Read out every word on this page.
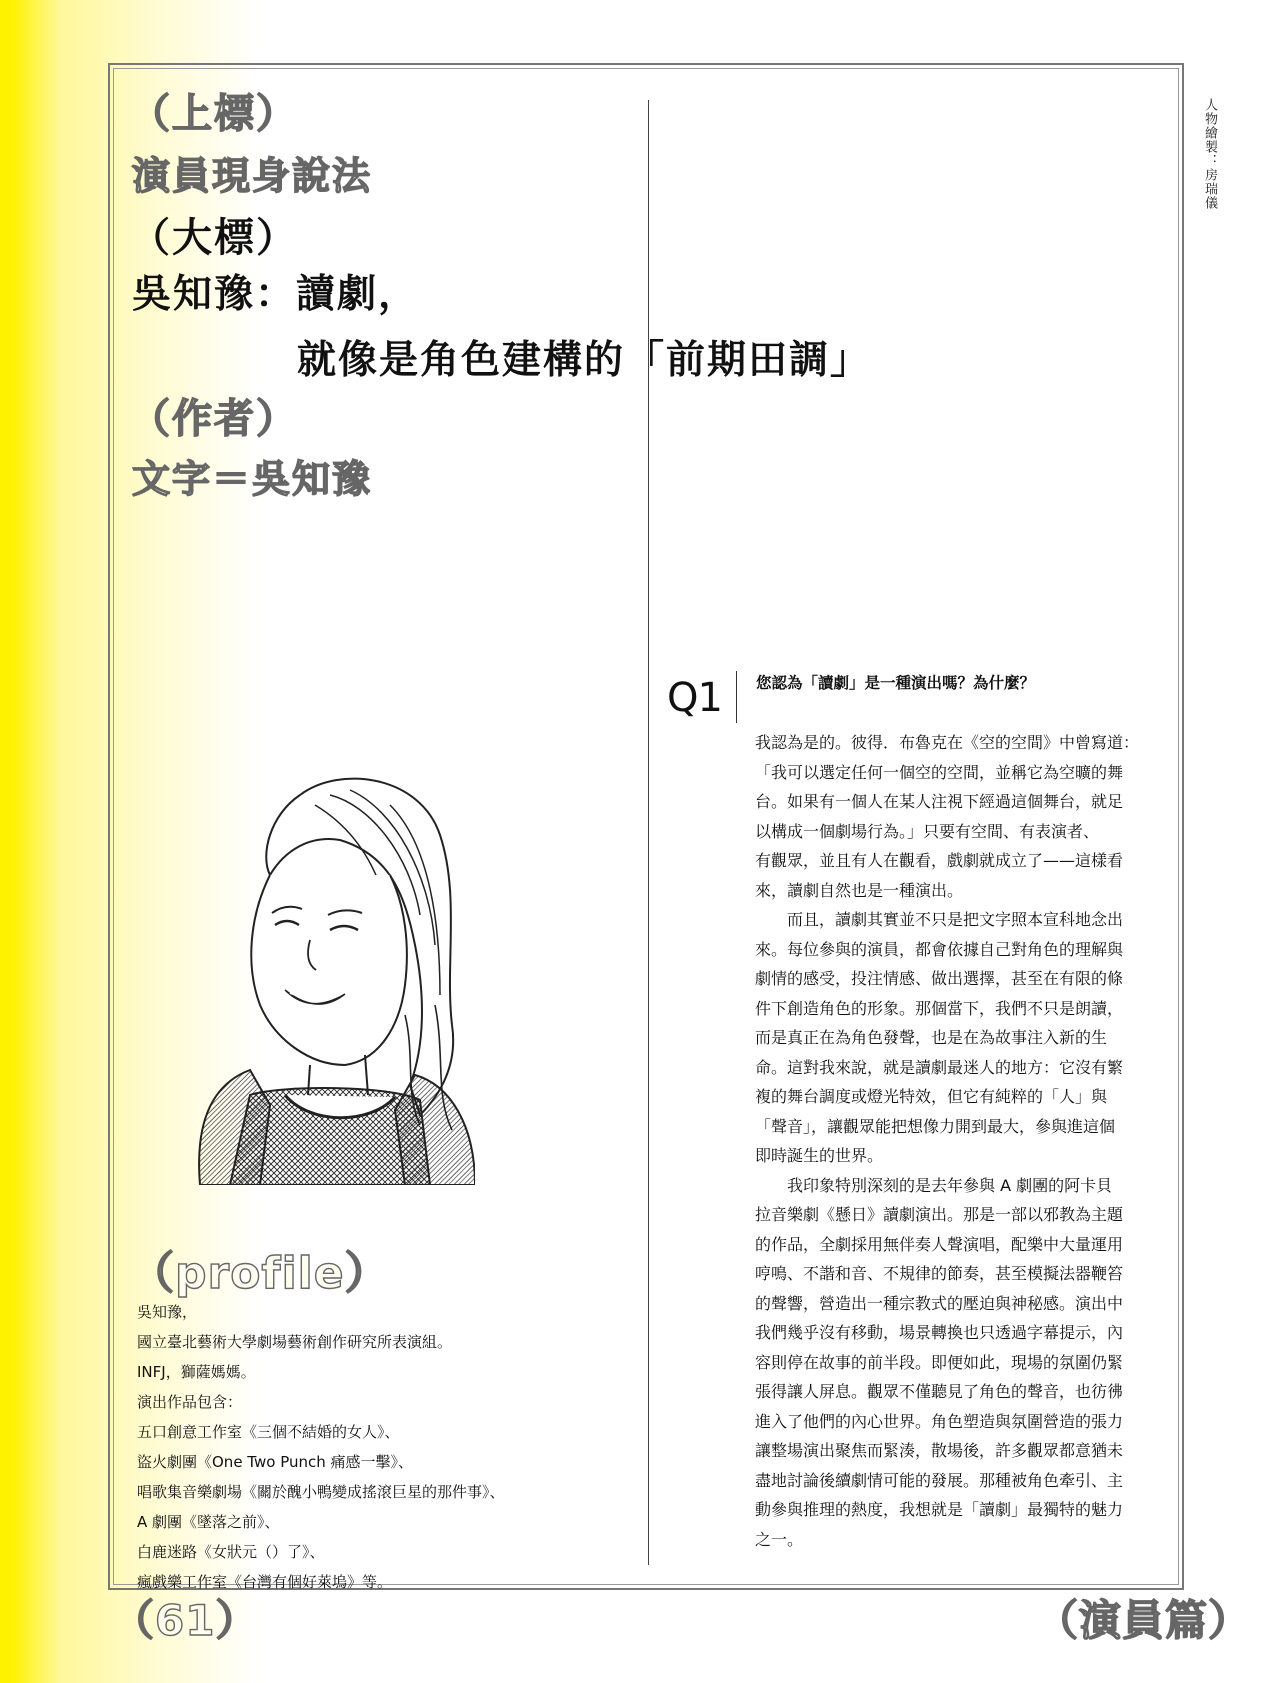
（上標）
演員現身說法
（大標）
吳知豫：讀劇，
就像是角色建構的「前期田調」
（作者）
文字＝吳知豫
人物繪製：房瑞儀
（profile）
吳知豫，
國立臺北藝術大學劇場藝術創作研究所表演組。
INFJ，獅薩媽媽。
演出作品包含：
五口創意工作室《三個不結婚的女人》、
盜火劇團《One Two Punch 痛感一擊》、
唱歌集音樂劇場《關於醜小鴨變成搖滾巨星的那件事》、
A 劇團《墜落之前》、
白鹿迷路《女狀元（）了》、
瘋戲樂工作室《台灣有個好萊塢》等。
Q1 您認為「讀劇」是一種演出嗎？為什麼？

我認為是的。彼得．布魯克在《空的空間》中曾寫道：
「我可以選定任何一個空的空間，並稱它為空曠的舞
台。如果有一個人在某人注視下經過這個舞台，就足
以構成一個劇場行為。」只要有空間、有表演者、
有觀眾，並且有人在觀看，戲劇就成立了——這樣看
來，讀劇自然也是一種演出。

　　而且，讀劇其實並不只是把文字照本宣科地念出
來。每位參與的演員，都會依據自己對角色的理解與
劇情的感受，投注情感、做出選擇，甚至在有限的條
件下創造角色的形象。那個當下，我們不只是朗讀，
而是真正在為角色發聲，也是在為故事注入新的生
命。這對我來說，就是讀劇最迷人的地方：它沒有繁
複的舞台調度或燈光特效，但它有純粹的「人」與
「聲音」，讓觀眾能把想像力開到最大，參與進這個
即時誕生的世界。

　　我印象特別深刻的是去年參與 A 劇團的阿卡貝
拉音樂劇《懸日》讀劇演出。那是一部以邪教為主題
的作品，全劇採用無伴奏人聲演唱，配樂中大量運用
哼鳴、不諧和音、不規律的節奏，甚至模擬法器鞭笞
的聲響，營造出一種宗教式的壓迫與神秘感。演出中
我們幾乎沒有移動，場景轉換也只透過字幕提示，內
容則停在故事的前半段。即便如此，現場的氛圍仍緊
張得讓人屏息。觀眾不僅聽見了角色的聲音，也彷彿
進入了他們的內心世界。角色塑造與氛圍營造的張力
讓整場演出聚焦而緊湊，散場後，許多觀眾都意猶未
盡地討論後續劇情可能的發展。那種被角色牽引、主
動參與推理的熱度，我想就是「讀劇」最獨特的魅力
之一。

（61）	（演員篇）
